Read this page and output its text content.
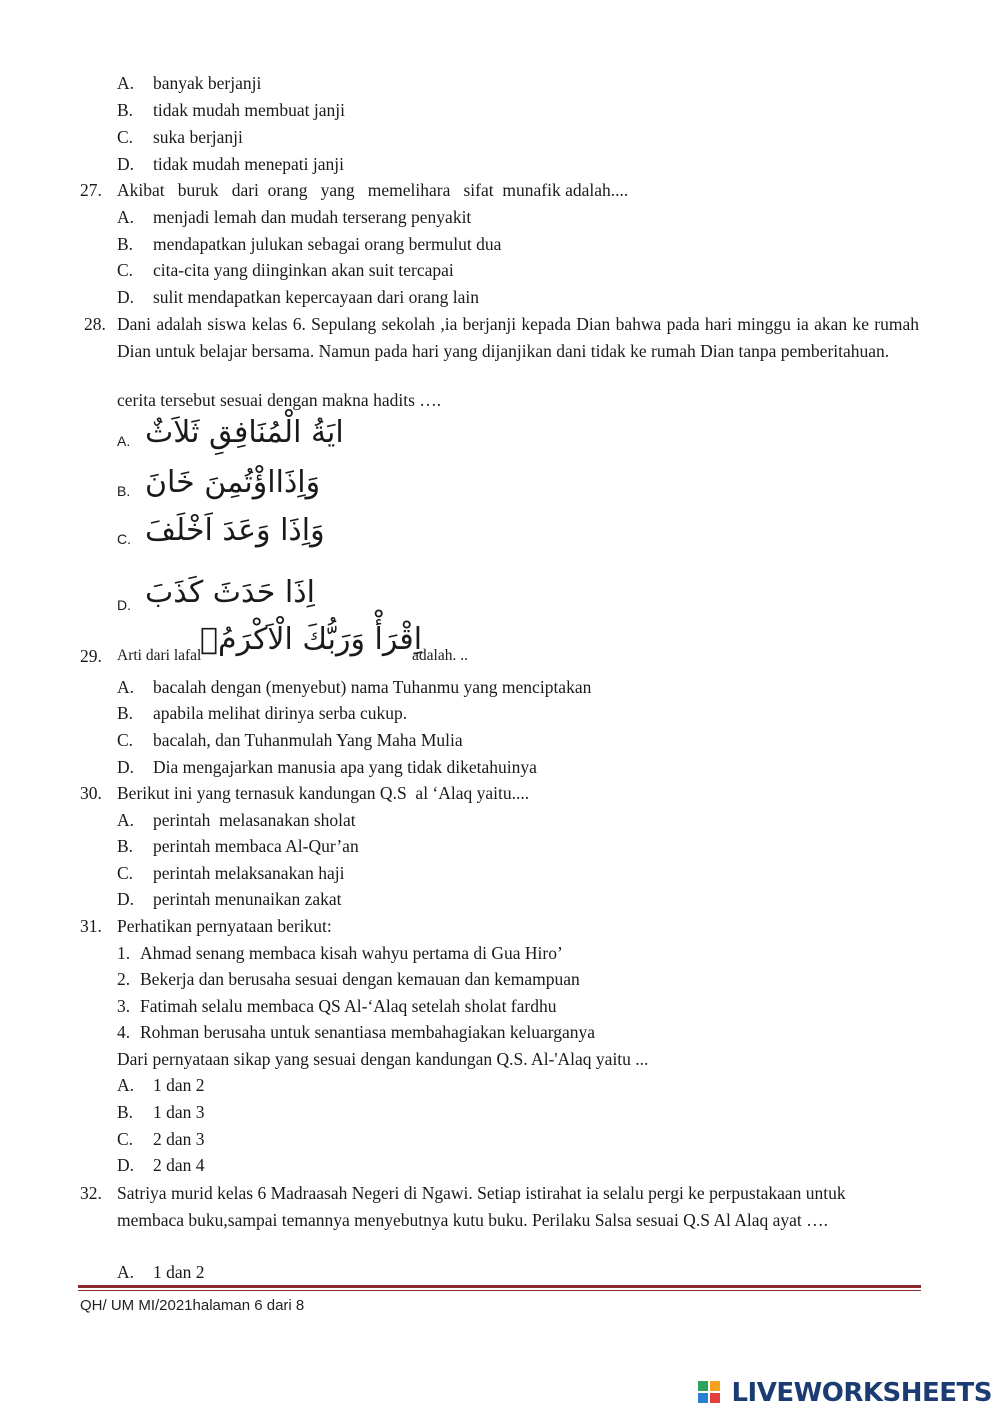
A. banyak berjanji
B. tidak mudah membuat janji
C. suka berjanji
D. tidak mudah menepati janji
27. Akibat   buruk   dari  orang   yang   memelihara   sifat  munafik adalah....
A. menjadi lemah dan mudah terserang penyakit
B. mendapatkan julukan sebagai orang bermulut dua
C. cita-cita yang diinginkan akan suit tercapai
D. sulit mendapatkan kepercayaan dari orang lain
28. Dani adalah siswa kelas 6. Sepulang sekolah ,ia berjanji kepada Dian bahwa pada hari minggu ia akan ke rumah Dian untuk belajar bersama. Namun pada hari yang dijanjikan dani tidak ke rumah Dian tanpa pemberitahuan.
cerita tersebut sesuai dengan makna hadits ….
A. ايَةُ الْمُنَافِقِ ثَلاَثٌ
B. وَاِذَااؤْتُمِنَ خَانَ
C. وَاِذَا وَعَدَ اَخْلَفَ
D. اِذَا حَدَثَ كَذَبَ
29. Arti dari lafal
اِقْرَأْ وَرَبُّكَ الْاَكْرَمُۙ
adalah. ..
A. bacalah dengan (menyebut) nama Tuhanmu yang menciptakan
B. apabila melihat dirinya serba cukup.
C. bacalah, dan Tuhanmulah Yang Maha Mulia
D. Dia mengajarkan manusia apa yang tidak diketahuinya
30. Berikut ini yang ternasuk kandungan Q.S  al ‘Alaq yaitu....
A. perintah  melasanakan sholat
B. perintah membaca Al-Qur’an
C. perintah melaksanakan haji
D. perintah menunaikan zakat
31. Perhatikan pernyataan berikut:
1. Ahmad senang membaca kisah wahyu pertama di Gua Hiro’
2. Bekerja dan berusaha sesuai dengan kemauan dan kemampuan
3. Fatimah selalu membaca QS Al-‘Alaq setelah sholat fardhu
4. Rohman berusaha untuk senantiasa membahagiakan keluarganya
Dari pernyataan sikap yang sesuai dengan kandungan Q.S. Al-'Alaq yaitu ...
A. 1 dan 2
B. 1 dan 3
C. 2 dan 3
D. 2 dan 4
32. Satriya murid kelas 6 Madraasah Negeri di Ngawi. Setiap istirahat ia selalu pergi ke perpustakaan untuk membaca buku,sampai temannya menyebutnya kutu buku. Perilaku Salsa sesuai Q.S Al Alaq ayat ….
A. 1 dan 2
QH/ UM MI/2021halaman 6 dari 8
LIVEWORKSHEETS
